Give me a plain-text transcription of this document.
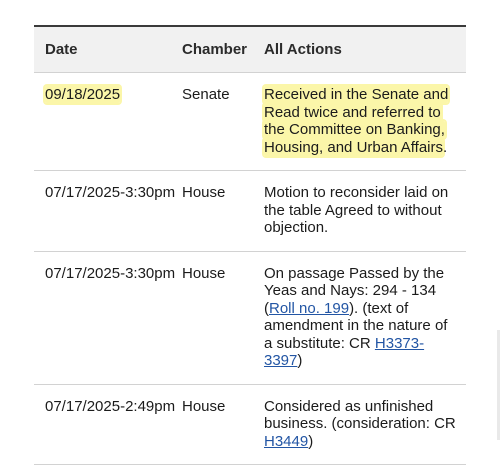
Date	Chamber	All Actions
09/18/2025	Senate	Received in the Senate and Read twice and referred to the Committee on Banking, Housing, and Urban Affairs.
07/17/2025-3:30pm House	Motion to reconsider laid on the table Agreed to without objection.
07/17/2025-3:30pm House	On passage Passed by the Yeas and Nays: 294 - 134 (Roll no. 199). (text of amendment in the nature of a substitute: CR H3373-3397)
07/17/2025-2:49pm House	Considered as unfinished business. (consideration: CR H3449)
